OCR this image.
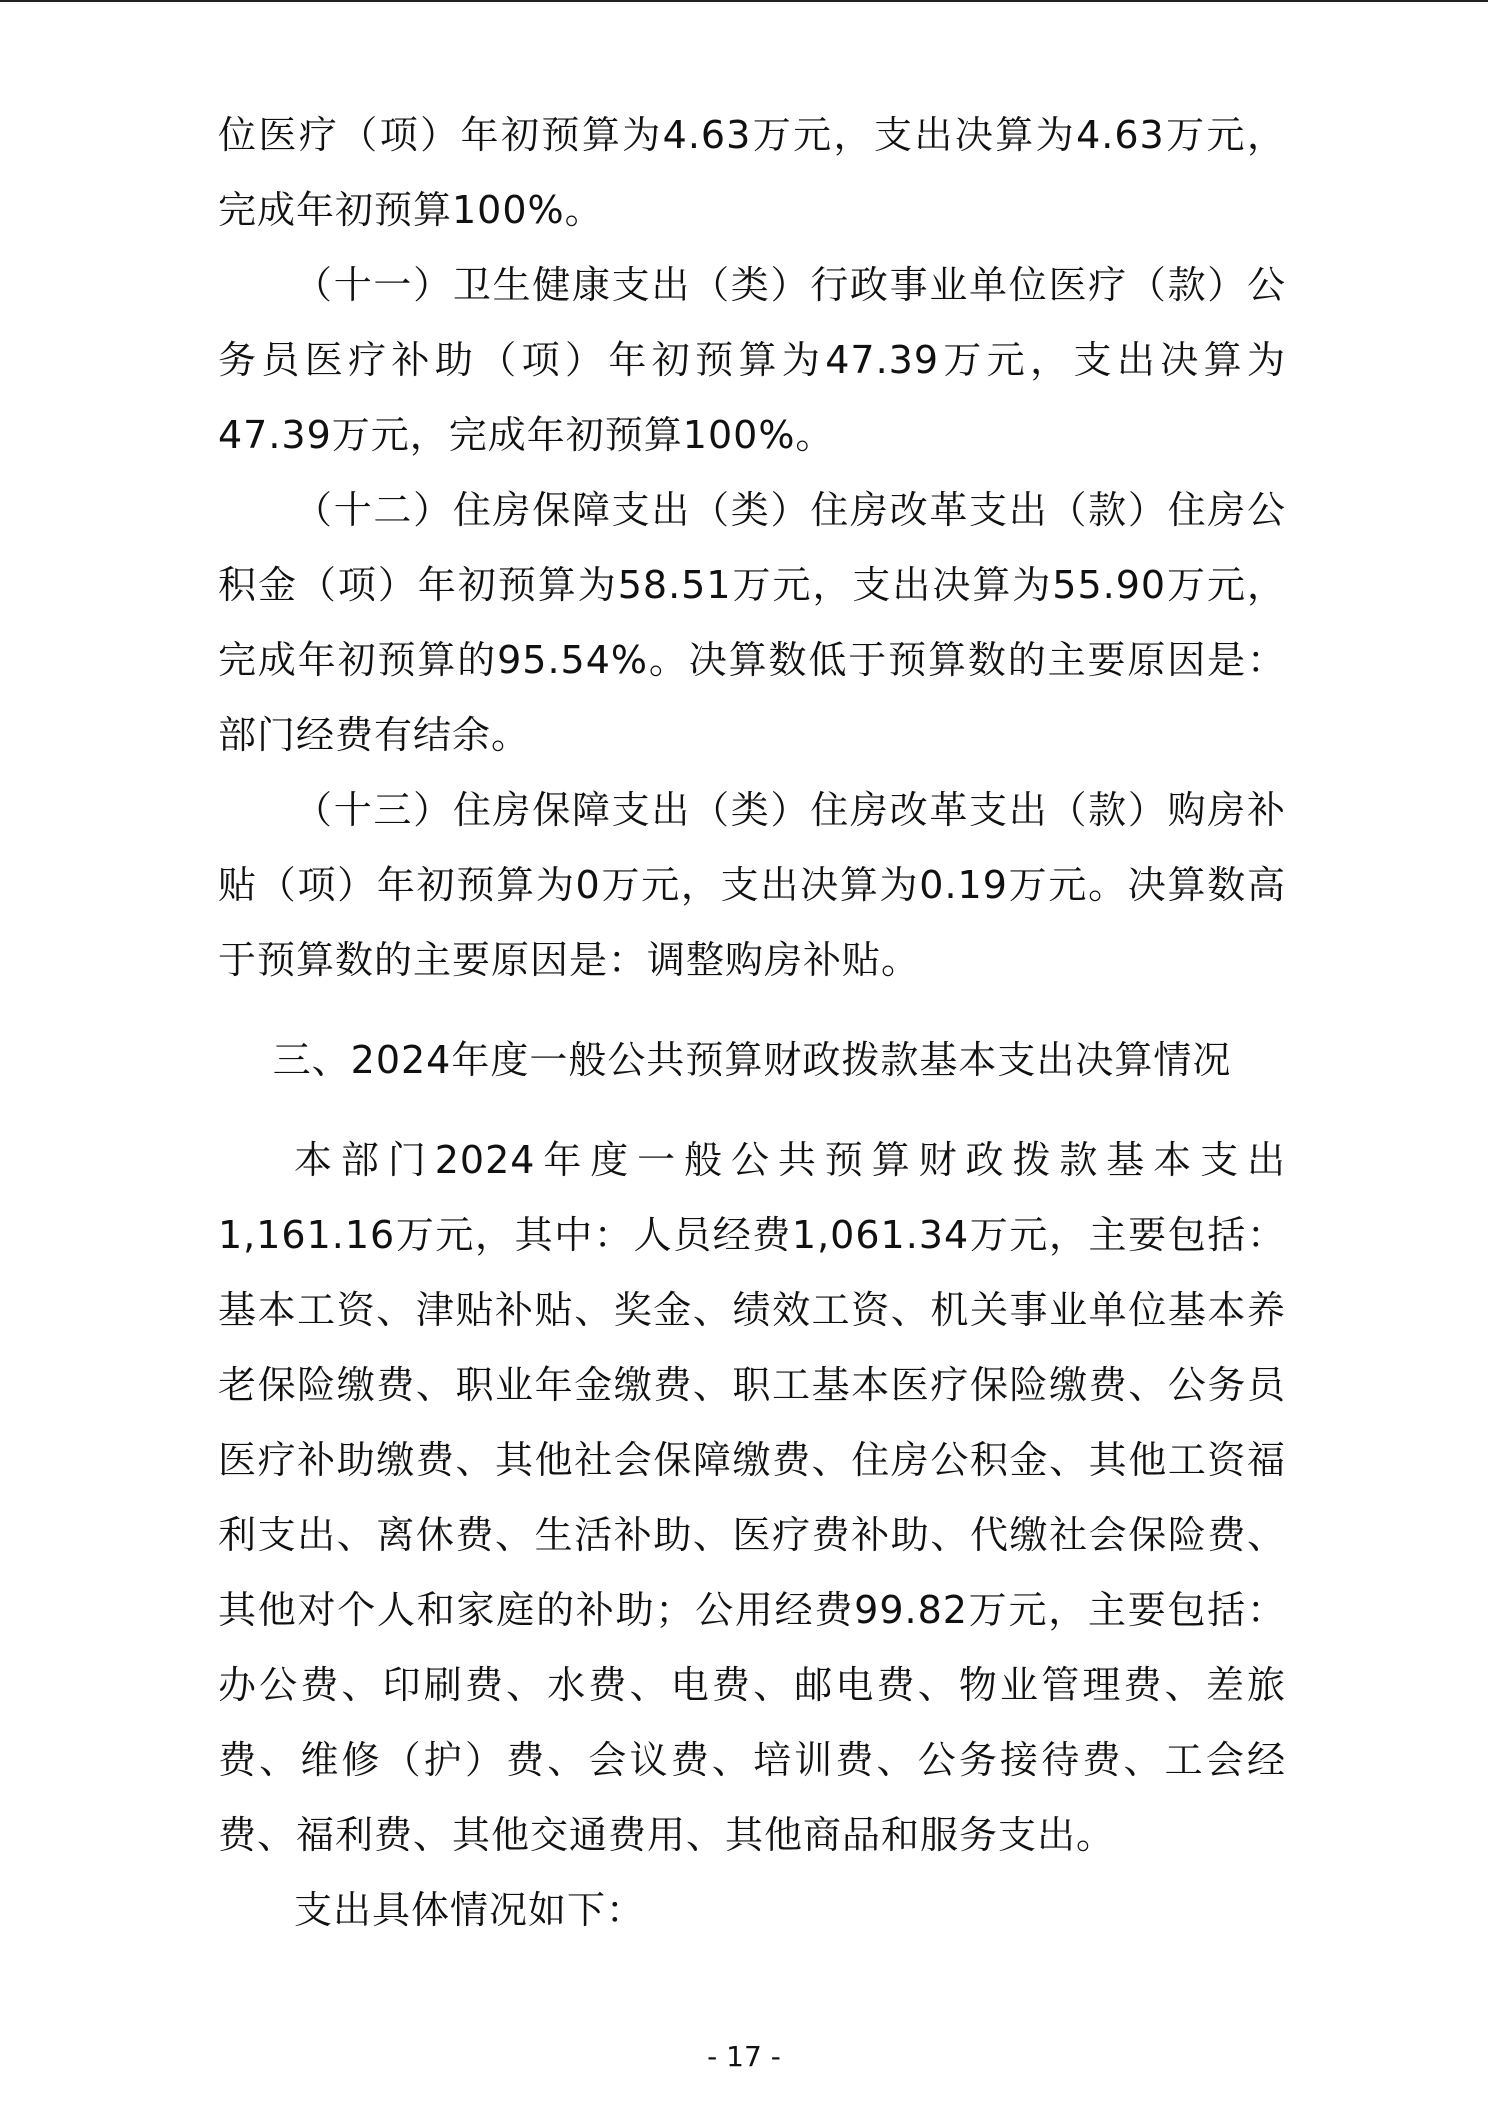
位医疗（项）年初预算为4.63万元，支出决算为4.63万元，完成年初预算100%。

（十一）卫生健康支出（类）行政事业单位医疗（款）公务员医疗补助（项）年初预算为47.39万元，支出决算为47.39万元，完成年初预算100%。

（十二）住房保障支出（类）住房改革支出（款）住房公积金（项）年初预算为58.51万元，支出决算为55.90万元，完成年初预算的95.54%。决算数低于预算数的主要原因是：部门经费有结余。

（十三）住房保障支出（类）住房改革支出（款）购房补贴（项）年初预算为0万元，支出决算为0.19万元。决算数高于预算数的主要原因是：调整购房补贴。

三、2024年度一般公共预算财政拨款基本支出决算情况

本部门2024年度一般公共预算财政拨款基本支出1,161.16万元，其中：人员经费1,061.34万元，主要包括：基本工资、津贴补贴、奖金、绩效工资、机关事业单位基本养老保险缴费、职业年金缴费、职工基本医疗保险缴费、公务员医疗补助缴费、其他社会保障缴费、住房公积金、其他工资福利支出、离休费、生活补助、医疗费补助、代缴社会保险费、其他对个人和家庭的补助；公用经费99.82万元，主要包括：办公费、印刷费、水费、电费、邮电费、物业管理费、差旅费、维修（护）费、会议费、培训费、公务接待费、工会经费、福利费、其他交通费用、其他商品和服务支出。

支出具体情况如下：

- 17 -
